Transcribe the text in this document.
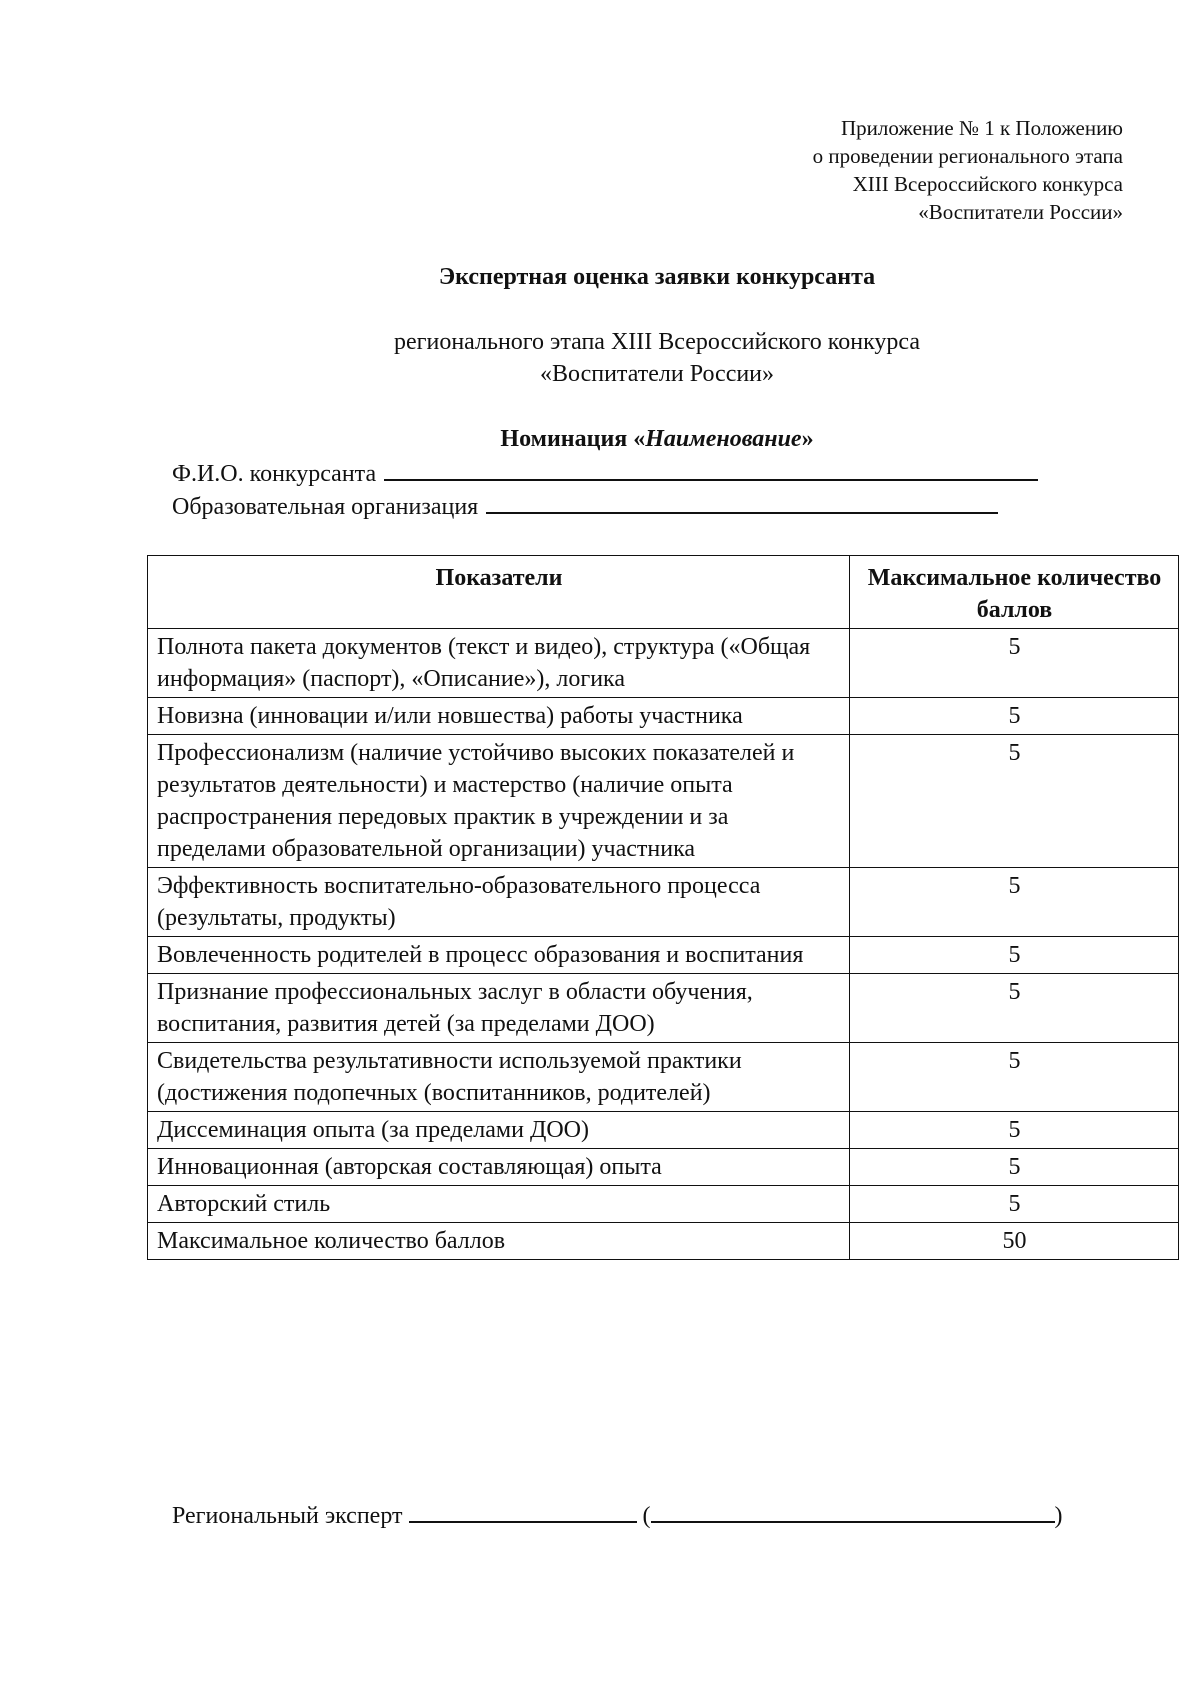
Приложение № 1 к Положению
о проведении регионального этапа
XIII Всероссийского конкурса
«Воспитатели России»
Экспертная оценка заявки конкурсанта
регионального этапа XIII Всероссийского конкурса
«Воспитатели России»
Номинация «Наименование»
Ф.И.О. конкурсанта
Образовательная организация
Показатели	Максимальное количество баллов
Полнота пакета документов (текст и видео), структура («Общая информация» (паспорт), «Описание»), логика	5
Новизна (инновации и/или новшества) работы участника	5
Профессионализм (наличие устойчиво высоких показателей и результатов деятельности) и мастерство (наличие опыта распространения передовых практик в учреждении и за пределами образовательной организации) участника	5
Эффективность воспитательно-образовательного процесса (результаты, продукты)	5
Вовлеченность родителей в процесс образования и воспитания	5
Признание профессиональных заслуг в области обучения, воспитания, развития детей (за пределами ДОО)	5
Свидетельства результативности используемой практики (достижения подопечных (воспитанников, родителей)	5
Диссеминация опыта (за пределами ДОО)	5
Инновационная (авторская составляющая) опыта	5
Авторский стиль	5
Максимальное количество баллов	50
Региональный эксперт	(	)
